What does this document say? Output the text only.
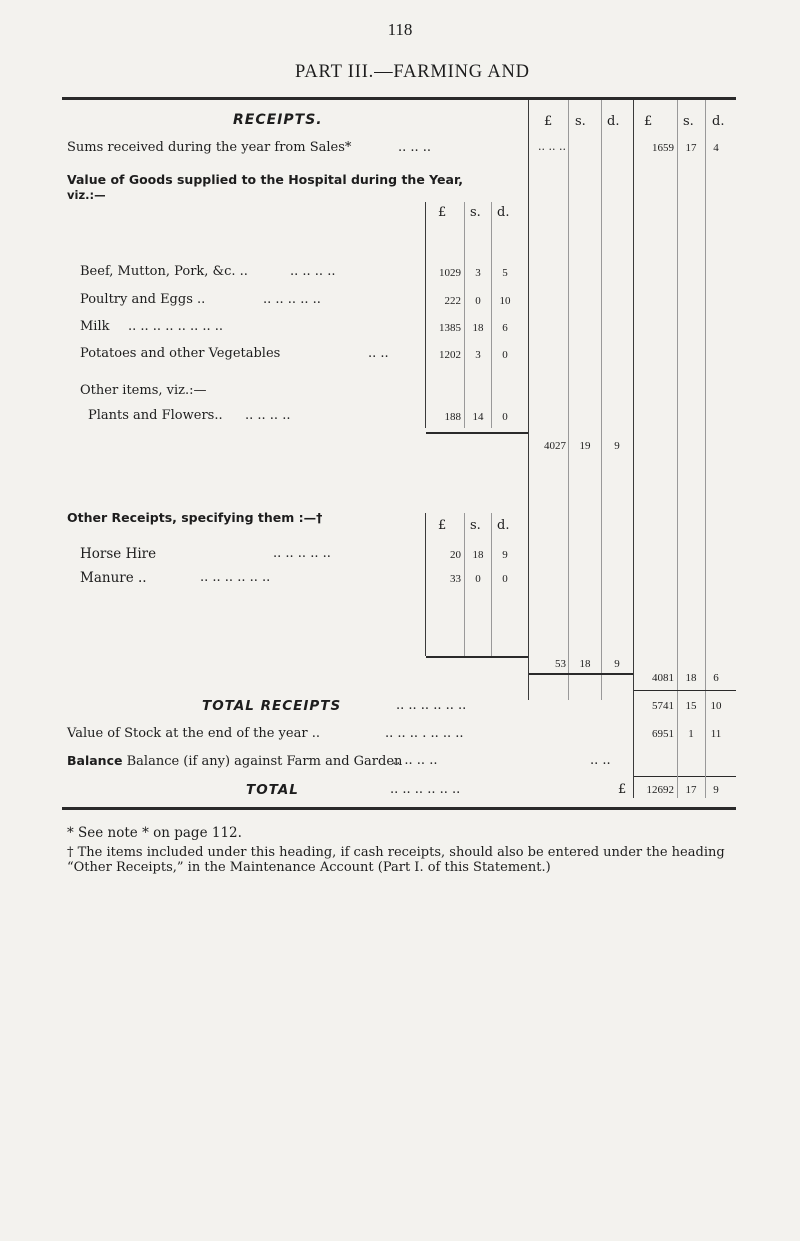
118
PART III.—FARMING AND
RECEIPTS.	£ s. d. £ s. d.
Sums received during the year from Sales*	.. .. ..	.. .. ..	1659	17	4
Value of Goods supplied to the Hospital during the Year,
viz.:—
£ s. d.
Beef, Mutton, Pork, &c. ..	.. .. .. ..	1029	3	5
Poultry and Eggs ..	.. .. .. .. ..	222	0	10
Milk .. .. .. .. .. .. .. ..	1385	18	6
Potatoes and other Vegetables	.. ..	1202	3	0
Other items, viz.:—
Plants and Flowers.. .. .. .. ..	188	14	0
4027	19	9
Other Receipts, specifying them :—†
£ s. d.
Horse Hire	.. .. .. .. ..	20	18	9
Manure ..	.. .. .. .. .. ..	33	0	0
53	18	9
4081	18	6
TOTAL RECEIPTS	.. .. .. .. .. ..	5741	15	10
Value of Stock at the end of the year ..	.. .. .. . .. .. ..	6951	1	11
Balance Balance (if any) against Farm and Garden
.. .. .. ..	.. ..
TOTAL	.. .. .. .. .. ..	£	12692	17	9
* See note * on page 112.
† The items included under this heading, if cash receipts, should also be entered under the heading “Other Receipts,” in the Maintenance Account (Part I. of this Statement.)
